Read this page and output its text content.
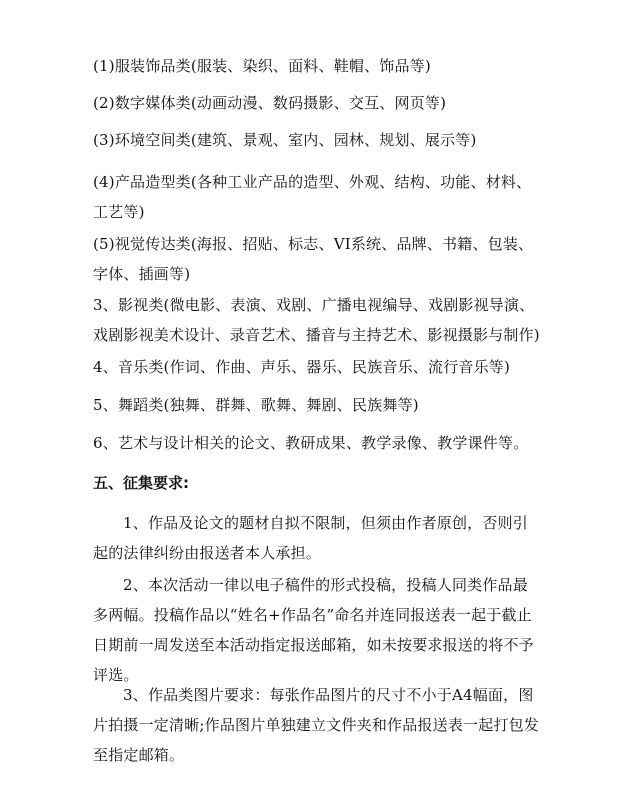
(1)服装饰品类(服装、染织、面料、鞋帽、饰品等)

(2)数字媒体类(动画动漫、数码摄影、交互、网页等)

(3)环境空间类(建筑、景观、室内、园林、规划、展示等)

(4)产品造型类(各种工业产品的造型、外观、结构、功能、材料、工艺等)

(5)视觉传达类(海报、招贴、标志、VI系统、品牌、书籍、包装、字体、插画等)

3、影视类(微电影、表演、戏剧、广播电视编导、戏剧影视导演、戏剧影视美术设计、录音艺术、播音与主持艺术、影视摄影与制作)

4、音乐类(作词、作曲、声乐、器乐、民族音乐、流行音乐等)

5、舞蹈类(独舞、群舞、歌舞、舞剧、民族舞等)

6、艺术与设计相关的论文、教研成果、教学录像、教学课件等。

五、征集要求:

1、作品及论文的题材自拟不限制，但须由作者原创，否则引起的法律纠纷由报送者本人承担。

2、本次活动一律以电子稿件的形式投稿，投稿人同类作品最多两幅。投稿作品以“姓名+作品名”命名并连同报送表一起于截止日期前一周发送至本活动指定报送邮箱，如未按要求报送的将不予评选。

3、作品类图片要求：每张作品图片的尺寸不小于A4幅面，图片拍摄一定清晰;作品图片单独建立文件夹和作品报送表一起打包发至指定邮箱。
